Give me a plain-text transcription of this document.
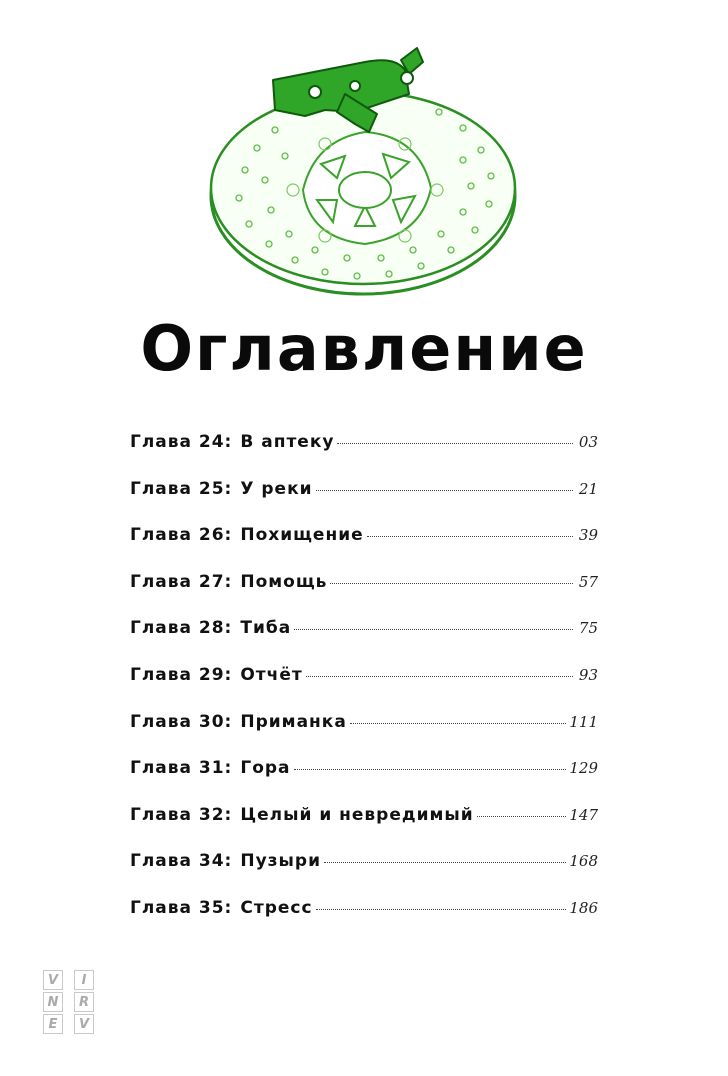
Оглавление
Глава 24: В аптеку	03
Глава 25: У реки	21
Глава 26: Похищение	39
Глава 27: Помощь	57
Глава 28: Тиба	75
Глава 29: Отчёт	93
Глава 30: Приманка	111
Глава 31: Гора	129
Глава 32: Целый и невредимый	147
Глава 34: Пузыри	168
Глава 35: Стресс	186
V	I
N	R
E	V
